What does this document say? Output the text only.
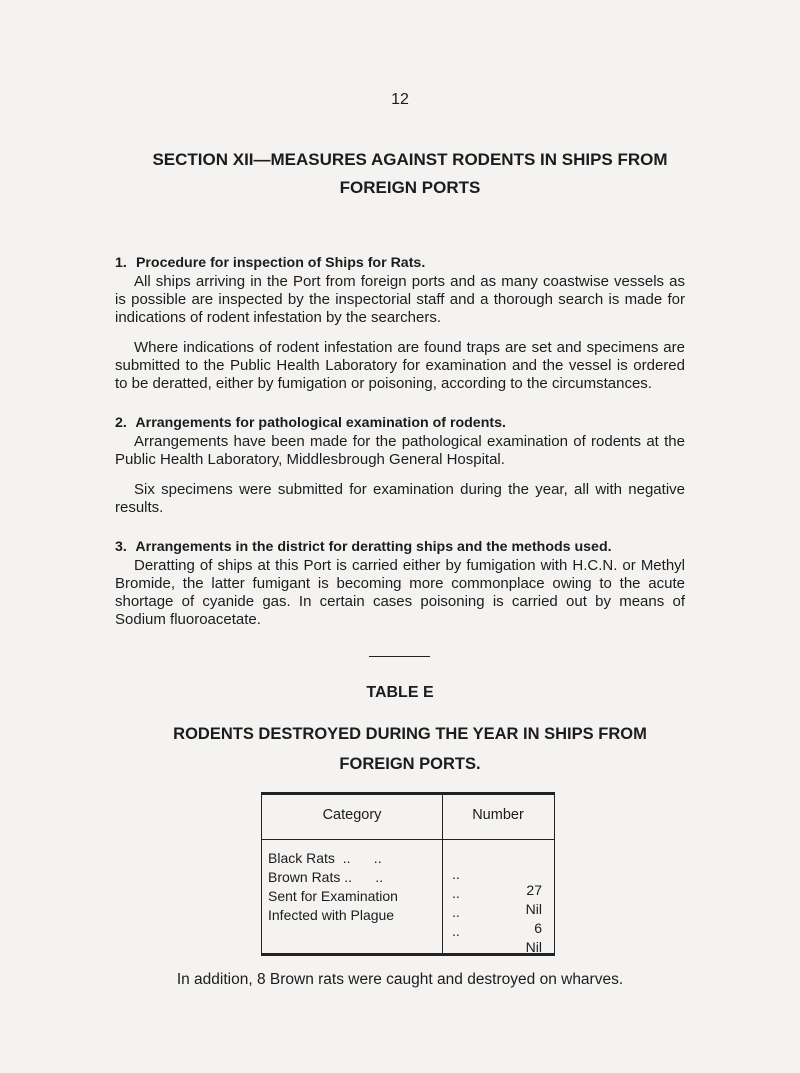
12
SECTION XII—MEASURES AGAINST RODENTS IN SHIPS FROM
FOREIGN PORTS

1. Procedure for inspection of Ships for Rats.

All ships arriving in the Port from foreign ports and as many coastwise vessels as is possible are inspected by the inspectorial staff and a thorough search is made for indications of rodent infestation by the searchers.

Where indications of rodent infestation are found traps are set and specimens are submitted to the Public Health Laboratory for examination and the vessel is ordered to be deratted, either by fumigation or poisoning, according to the circumstances.

2. Arrangements for pathological examination of rodents.

Arrangements have been made for the pathological examination of rodents at the Public Health Laboratory, Middlesbrough General Hospital.

Six specimens were submitted for examination during the year, all with negative results.

3. Arrangements in the district for deratting ships and the methods used.

Deratting of ships at this Port is carried either by fumigation with H.C.N. or Methyl Bromide, the latter fumigant is becoming more commonplace owing to the acute shortage of cyanide gas. In certain cases poisoning is carried out by means of Sodium fluoroacetate.

TABLE E
RODENTS DESTROYED DURING THE YEAR IN SHIPS FROM
FOREIGN PORTS.
Category	Number
Black Rats  ..      ..

..

27

Brown Rats ..      ..

..

Nil

Sent for Examination

..

6

Infected with Plague

..

Nil

In addition, 8 Brown rats were caught and destroyed on wharves.
